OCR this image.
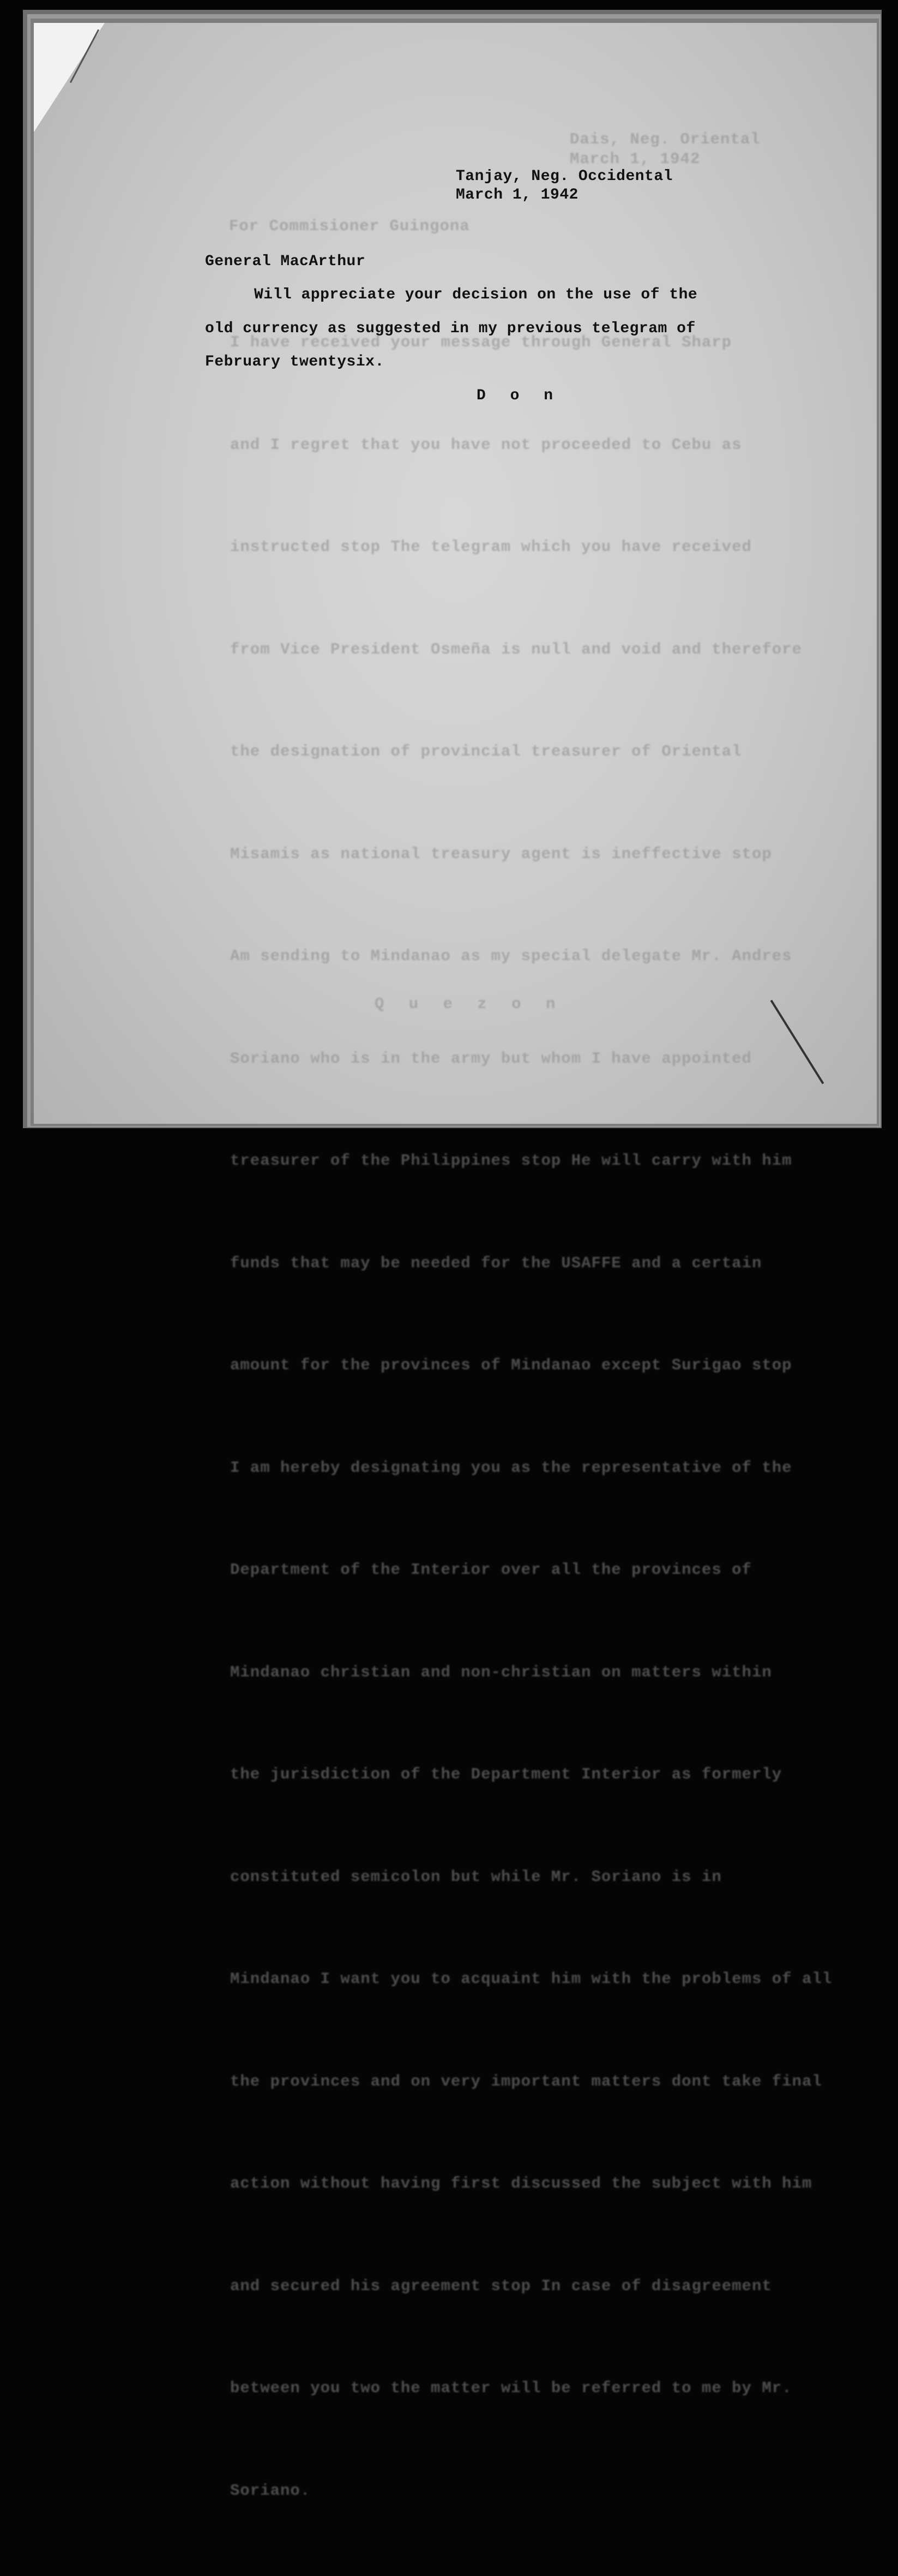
Dais, Neg. Oriental
March 1, 1942
For Commisioner Guingona

I have received your message through General Sharp

and I regret that you have not proceeded to Cebu as

instructed stop The telegram which you have received

from Vice President Osmeña is null and void and therefore

the designation of provincial treasurer of Oriental

Misamis as national treasury agent is ineffective stop

Am sending to Mindanao as my special delegate Mr. Andres

Soriano who is in the army but whom I have appointed

treasurer of the Philippines stop He will carry with him

funds that may be needed for the USAFFE and a certain

amount for the provinces of Mindanao except Surigao stop

I am hereby designating you as the representative of the

Department of the Interior over all the provinces of

Mindanao christian and non-christian on matters within

the jurisdiction of the Department Interior as formerly

constituted semicolon but while Mr. Soriano is in

Mindanao I want you to acquaint him with the problems of all

the provinces and on very important matters dont take final

action without having first discussed the subject with him

and secured his agreement stop In case of disagreement

between you two the matter will be referred to me by Mr.

Soriano.

Q u e z o n
Tanjay, Neg. Occidental
March 1, 1942
General MacArthur
Will appreciate your decision on the use of the
old currency as suggested in my previous telegram of
February twentysix.
D o n
